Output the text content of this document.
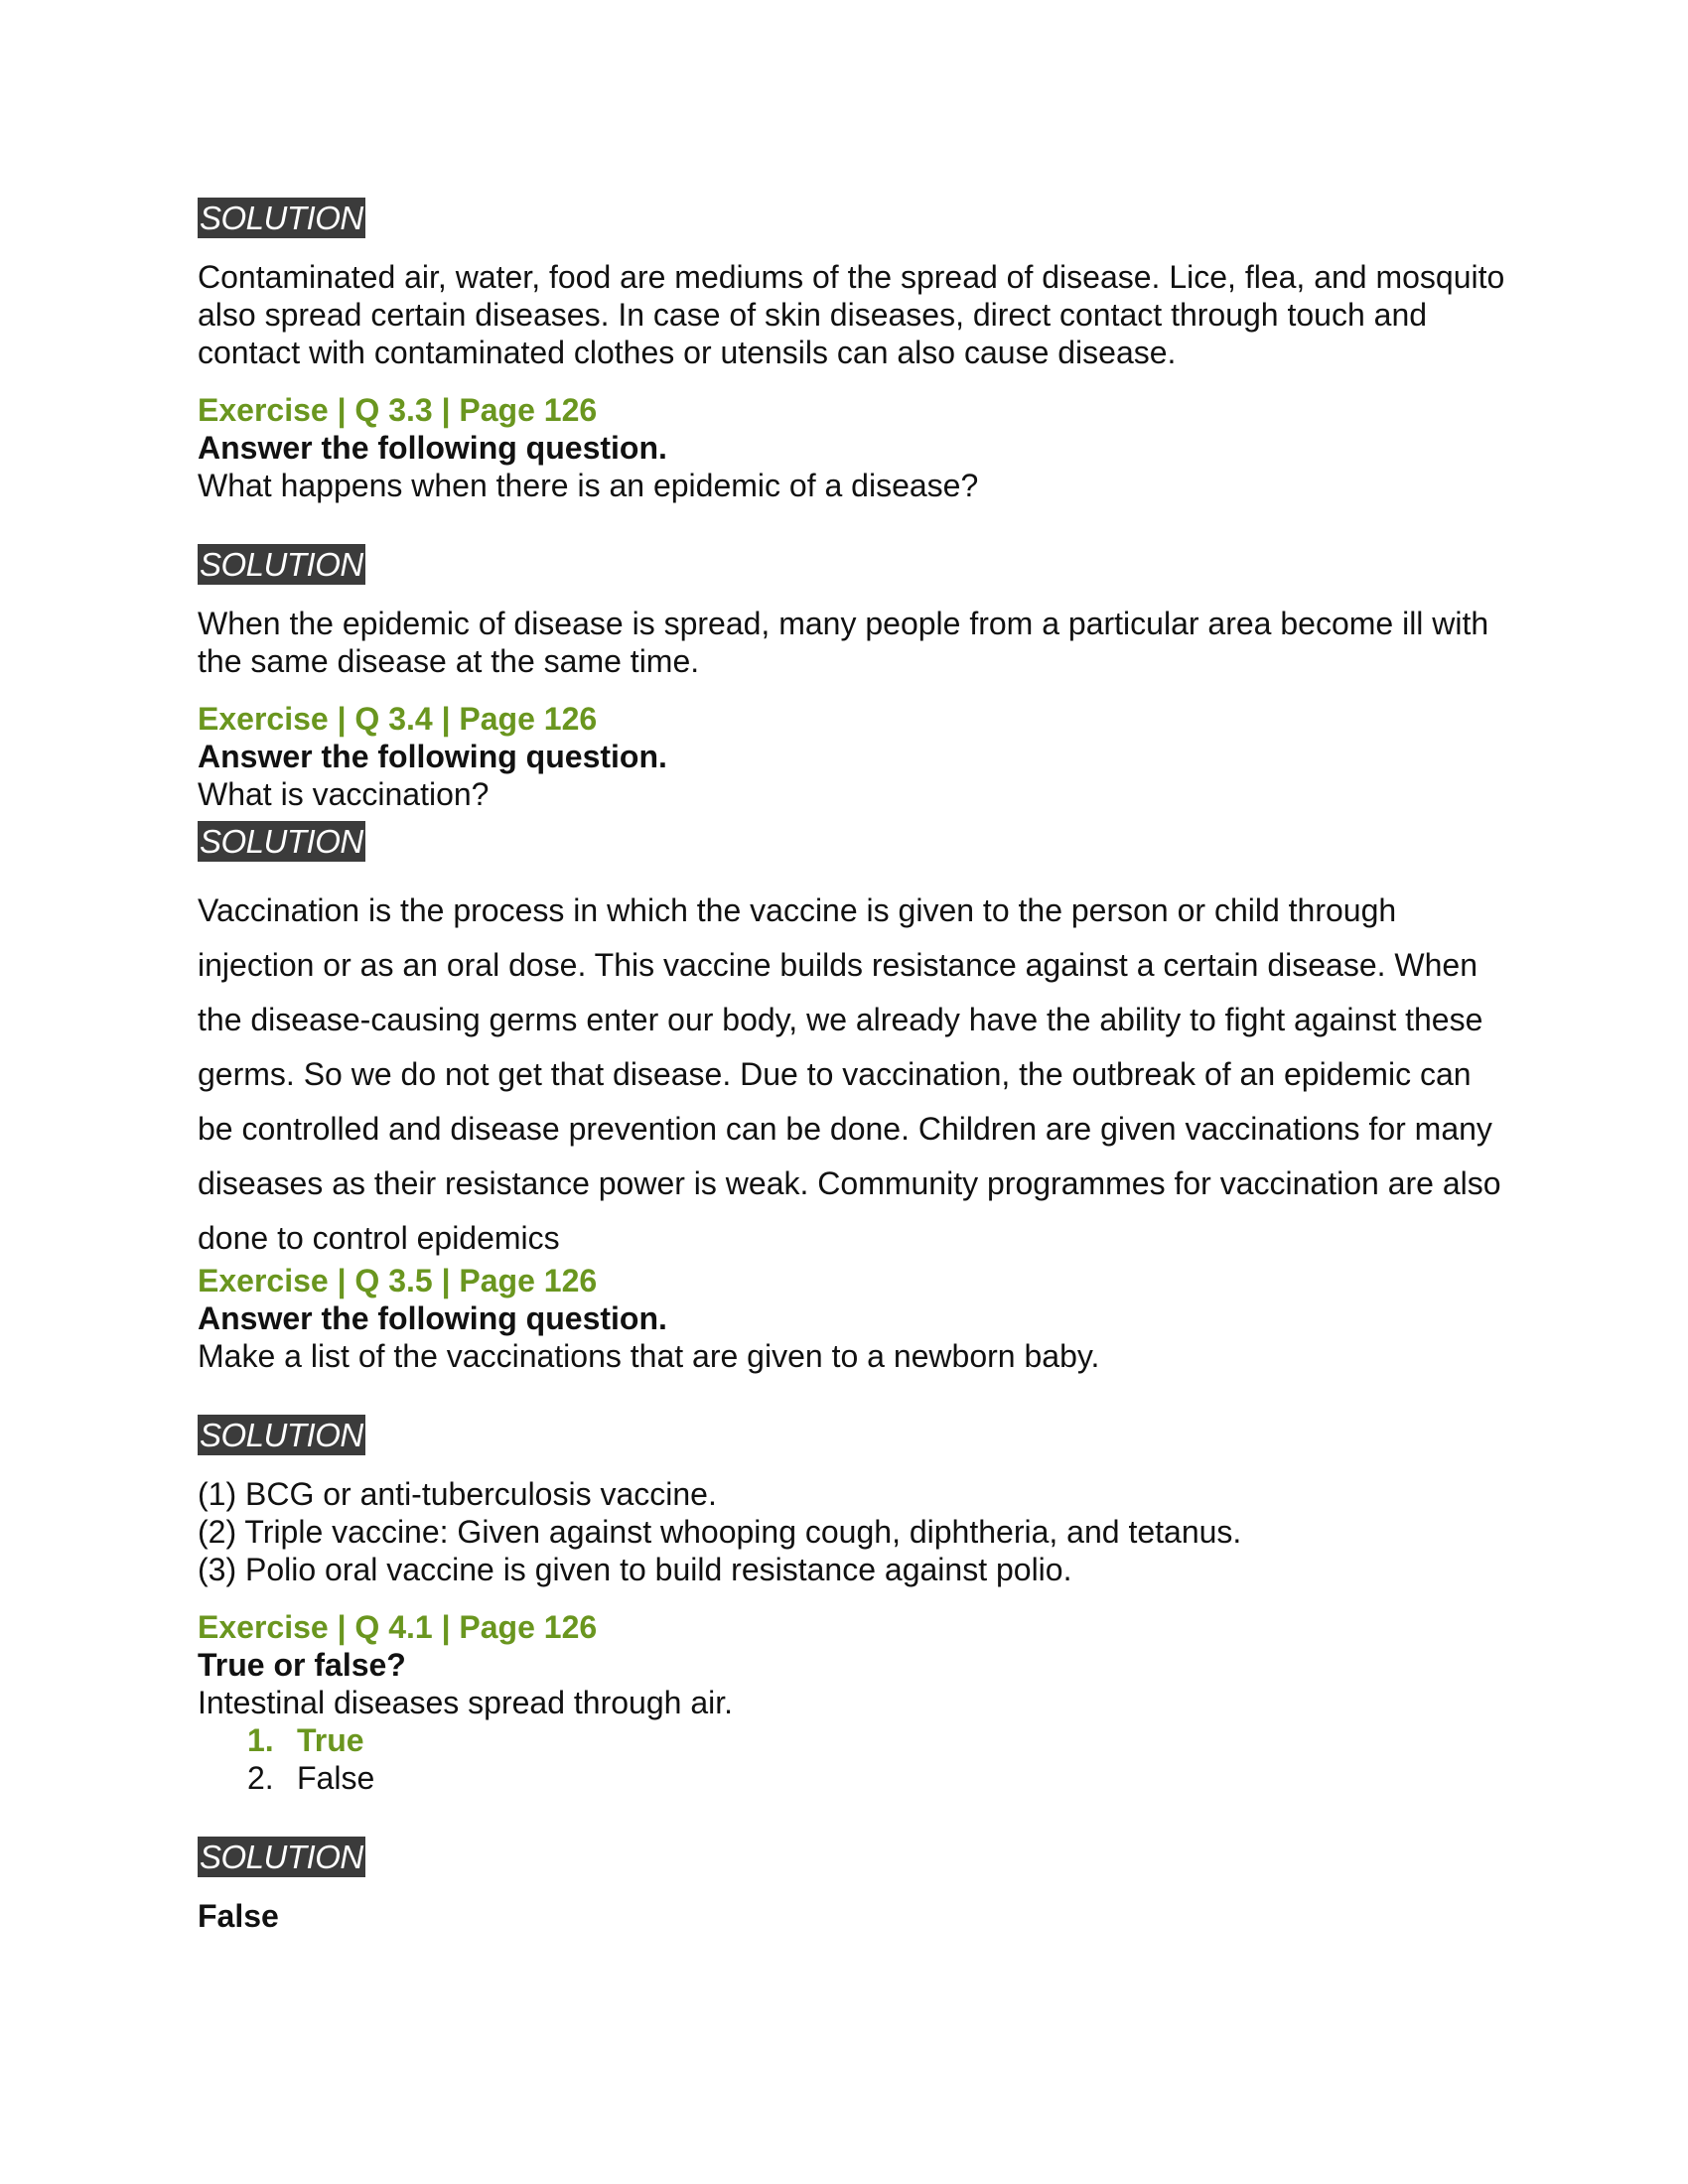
SOLUTION

Contaminated air, water, food are mediums of the spread of disease. Lice, flea, and mosquito also spread certain diseases. In case of skin diseases, direct contact through touch and contact with contaminated clothes or utensils can also cause disease.

Exercise | Q 3.3 | Page 126

Answer the following question.

What happens when there is an epidemic of a disease?

SOLUTION

When the epidemic of disease is spread, many people from a particular area become ill with the same disease at the same time.

Exercise | Q 3.4 | Page 126

Answer the following question.

What is vaccination?

SOLUTION

Vaccination is the process in which the vaccine is given to the person or child through injection or as an oral dose. This vaccine builds resistance against a certain disease. When the disease-causing germs enter our body, we already have the ability to fight against these germs. So we do not get that disease. Due to vaccination, the outbreak of an epidemic can be controlled and disease prevention can be done. Children are given vaccinations for many diseases as their resistance power is weak. Community programmes for vaccination are also done to control epidemics

Exercise | Q 3.5 | Page 126

Answer the following question.

Make a list of the vaccinations that are given to a newborn baby.

SOLUTION

(1) BCG or anti-tuberculosis vaccine.

(2) Triple vaccine: Given against whooping cough, diphtheria, and tetanus.

(3) Polio oral vaccine is given to build resistance against polio.

Exercise | Q 4.1 | Page 126

True or false?

Intestinal diseases spread through air.

1. True
2. False
SOLUTION

False
